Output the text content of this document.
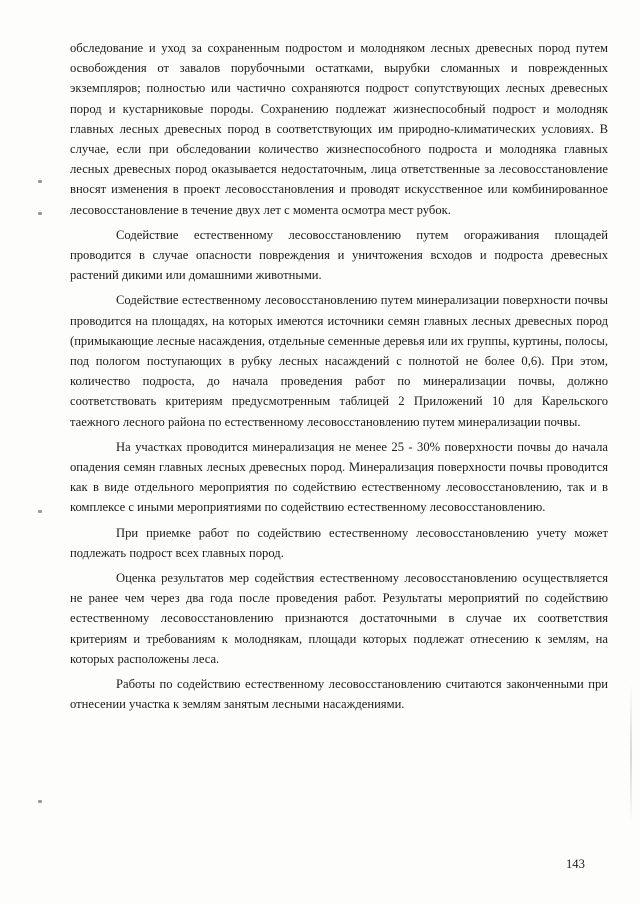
обследование и уход за сохраненным подростом и молодняком лесных древесных пород путем освобождения от завалов порубочными остатками, вырубки сломанных и поврежденных экземпляров; полностью или частично сохраняются подрост сопутствующих лесных древесных пород и кустарниковые породы. Сохранению подлежат жизнеспособный подрост и молодняк главных лесных древесных пород в соответствующих им природно-климатических условиях. В случае, если при обследовании количество жизнеспособного подроста и молодняка главных лесных древесных пород оказывается недостаточным, лица ответственные за лесовосстановление вносят изменения в проект лесовосстановления и проводят искусственное или комбинированное лесовосстановление в течение двух лет с момента осмотра мест рубок.

Содействие естественному лесовосстановлению путем огораживания площадей проводится в случае опасности повреждения и уничтожения всходов и подроста древесных растений дикими или домашними животными.

Содействие естественному лесовосстановлению путем минерализации поверхности почвы проводится на площадях, на которых имеются источники семян главных лесных древесных пород (примыкающие лесные насаждения, отдельные семенные деревья или их группы, куртины, полосы, под пологом поступающих в рубку лесных насаждений с полнотой не более 0,6). При этом, количество подроста, до начала проведения работ по минерализации почвы, должно соответствовать критериям предусмотренным таблицей 2 Приложений 10 для Карельского таежного лесного района по естественному лесовосстановлению путем минерализации почвы.

На участках проводится минерализация не менее 25 - 30% поверхности почвы до начала опадения семян главных лесных древесных пород. Минерализация поверхности почвы проводится как в виде отдельного мероприятия по содействию естественному лесовосстановлению, так и в комплексе с иными мероприятиями по содействию естественному лесовосстановлению.

При приемке работ по содействию естественному лесовосстановлению учету может подлежать подрост всех главных пород.

Оценка результатов мер содействия естественному лесовосстановлению осуществляется не ранее чем через два года после проведения работ. Результаты мероприятий по содействию естественному лесовосстановлению признаются достаточными в случае их соответствия критериям и требованиям к молоднякам, площади которых подлежат отнесению к землям, на которых расположены леса.

Работы по содействию естественному лесовосстановлению считаются законченными при отнесении участка к землям занятым лесными насаждениями.

143
